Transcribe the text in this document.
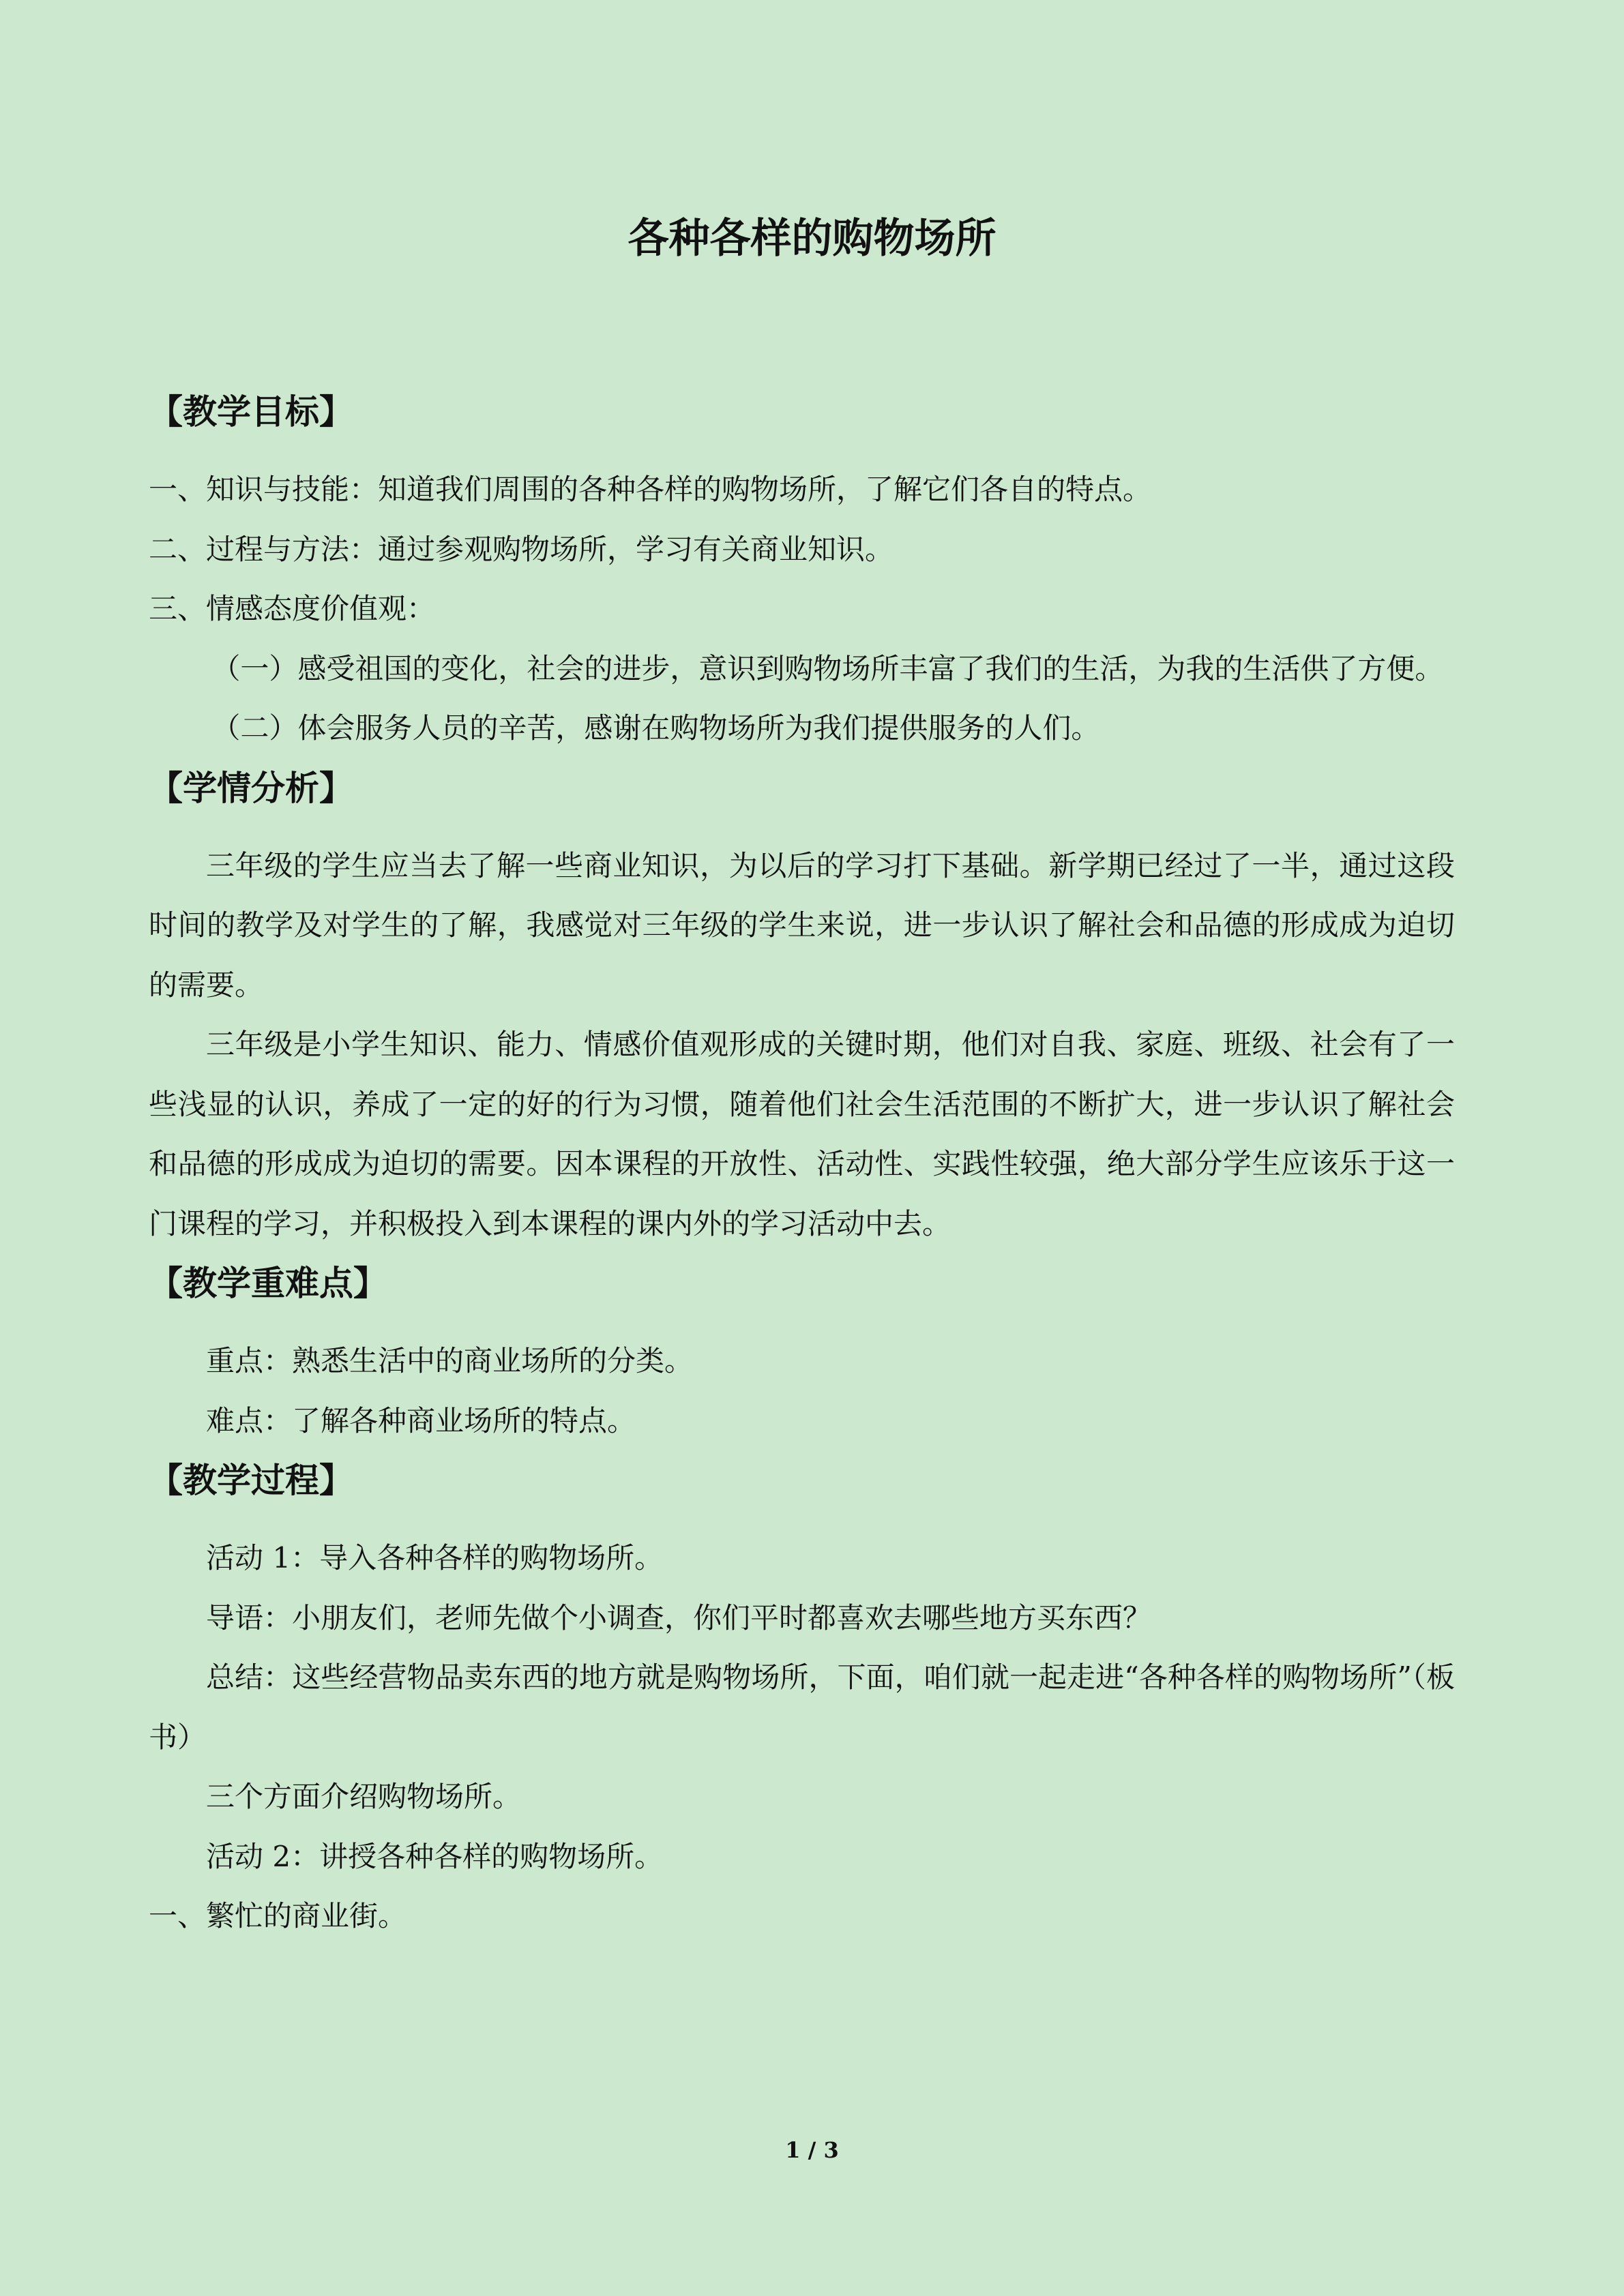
各种各样的购物场所
【教学目标】

一、知识与技能：知道我们周围的各种各样的购物场所，了解它们各自的特点。

二、过程与方法：通过参观购物场所，学习有关商业知识。

三、情感态度价值观：

（一）感受祖国的变化，社会的进步，意识到购物场所丰富了我们的生活，为我的生活供了方便。

（二）体会服务人员的辛苦，感谢在购物场所为我们提供服务的人们。

【学情分析】

三年级的学生应当去了解一些商业知识，为以后的学习打下基础。新学期已经过了一半，通过这段时间的教学及对学生的了解，我感觉对三年级的学生来说，进一步认识了解社会和品德的形成成为迫切的需要。

三年级是小学生知识、能力、情感价值观形成的关键时期，他们对自我、家庭、班级、社会有了一些浅显的认识，养成了一定的好的行为习惯，随着他们社会生活范围的不断扩大，进一步认识了解社会和品德的形成成为迫切的需要。因本课程的开放性、活动性、实践性较强，绝大部分学生应该乐于这一门课程的学习，并积极投入到本课程的课内外的学习活动中去。

【教学重难点】

重点：熟悉生活中的商业场所的分类。

难点：了解各种商业场所的特点。

【教学过程】

活动 1：导入各种各样的购物场所。

导语：小朋友们，老师先做个小调查，你们平时都喜欢去哪些地方买东西？

总结：这些经营物品卖东西的地方就是购物场所，下面，咱们就一起走进“各种各样的购物场所”（板书）

三个方面介绍购物场所。

活动 2：讲授各种各样的购物场所。

一、繁忙的商业街。

1 / 3
